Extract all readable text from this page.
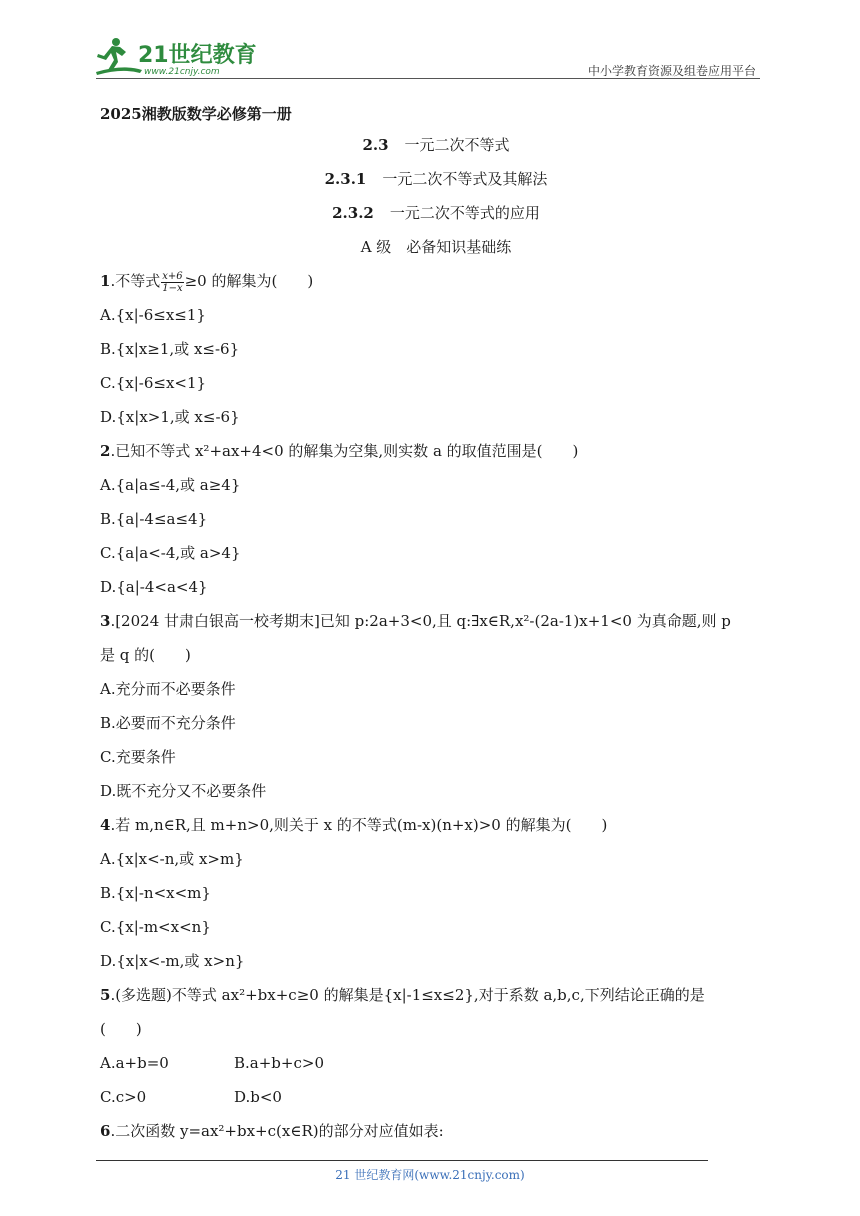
21世纪教育
www.21cnjy.com	中小学教育资源及组卷应用平台
2025湘教版数学必修第一册
2.3 一元二次不等式
2.3.1 一元二次不等式及其解法
2.3.2 一元二次不等式的应用
A 级　必备知识基础练
1.不等式 $\frac{x+6}{1-x} \ge 0$ 的解集为(　　)
A.{x|-6≤x≤1}
B.{x|x≥1,或 x≤-6}
C.{x|-6≤x<1}
D.{x|x>1,或 x≤-6}
2.已知不等式 x²+ax+4<0 的解集为空集,则实数 a 的取值范围是(　　)
A.{a|a≤-4,或 a≥4}
B.{a|-4≤a≤4}
C.{a|a<-4,或 a>4}
D.{a|-4<a<4}
3.[2024 甘肃白银高一校考期末]已知 p:2a+3<0,且 q:∃x∈R,x²-(2a-1)x+1<0 为真命题,则 p
是 q 的(　　)
A.充分而不必要条件
B.必要而不充分条件
C.充要条件
D.既不充分又不必要条件
4.若 m,n∈R,且 m+n>0,则关于 x 的不等式(m-x)(n+x)>0 的解集为(　　)
A.{x|x<-n,或 x>m}
B.{x|-n<x<m}
C.{x|-m<x<n}
D.{x|x<-m,或 x>n}
5.(多选题)不等式 ax²+bx+c≥0 的解集是{x|-1≤x≤2},对于系数 a,b,c,下列结论正确的是
(　　)
A.a+b=0	B.a+b+c>0
C.c>0	D.b<0
6.二次函数 y=ax²+bx+c(x∈R)的部分对应值如表:
21 世纪教育网(www.21cnjy.com)
